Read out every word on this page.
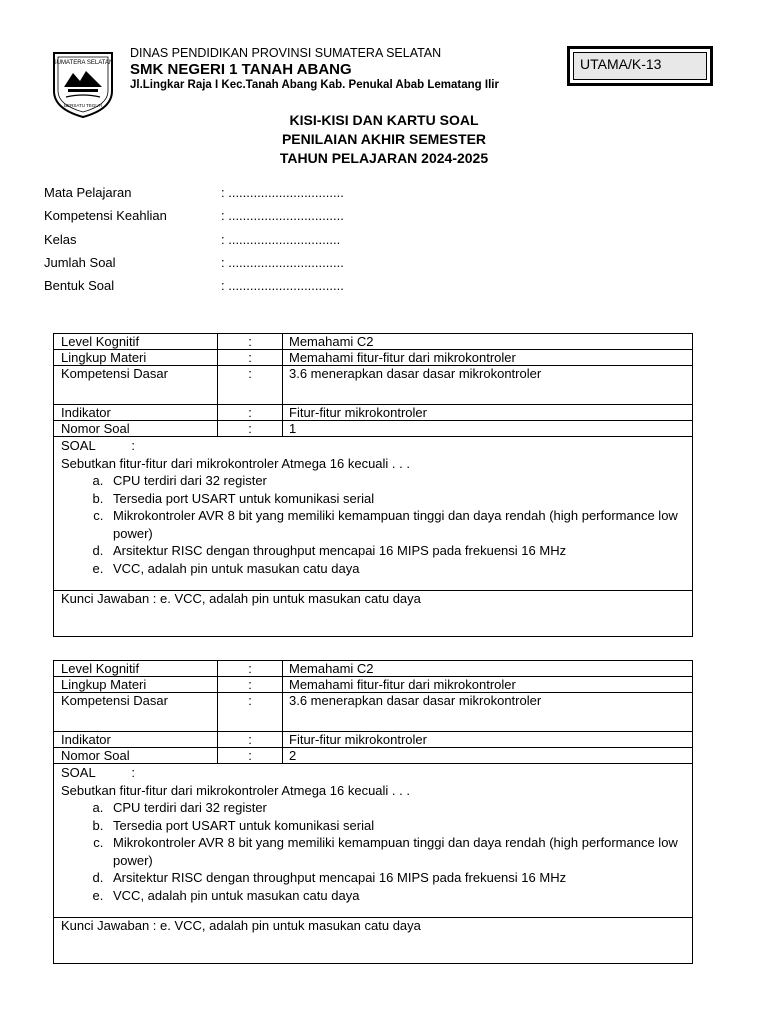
SUMATERA SELATAN
BERSATU TEGUH
DINAS PENDIDIKAN PROVINSI SUMATERA SELATAN
SMK NEGERI 1 TANAH ABANG
Jl.Lingkar Raja I Kec.Tanah Abang Kab. Penukal Abab Lematang Ilir
UTAMA/K-13
KISI-KISI DAN KARTU SOAL
PENILAIAN AKHIR SEMESTER
TAHUN PELAJARAN 2024-2025
Mata Pelajaran	: ................................
Kompetensi Keahlian	: ................................
Kelas	: ...............................
Jumlah Soal	: ................................
Bentuk Soal	: ................................
Level Kognitif	:	Memahami C2
Lingkup Materi	:	Memahami fitur-fitur dari mikrokontroler
Kompetensi Dasar	:	3.6 menerapkan dasar dasar mikrokontroler
Indikator	:	Fitur-fitur mikrokontroler
Nomor Soal	:	1
SOAL          :
Sebutkan fitur-fitur dari mikrokontroler Atmega 16 kecuali . . .
a. CPU terdiri dari 32 register
b. Tersedia port USART untuk komunikasi serial
c. Mikrokontroler AVR 8 bit yang memiliki kemampuan tinggi dan daya rendah (high performance low power)
d. Arsitektur RISC dengan throughput mencapai 16 MIPS pada frekuensi 16 MHz
e. VCC, adalah pin untuk masukan catu daya
Kunci Jawaban : e. VCC, adalah pin untuk masukan catu daya
Level Kognitif	:	Memahami C2
Lingkup Materi	:	Memahami fitur-fitur dari mikrokontroler
Kompetensi Dasar	:	3.6 menerapkan dasar dasar mikrokontroler
Indikator	:	Fitur-fitur mikrokontroler
Nomor Soal	:	2
SOAL          :
Sebutkan fitur-fitur dari mikrokontroler Atmega 16 kecuali . . .
a. CPU terdiri dari 32 register
b. Tersedia port USART untuk komunikasi serial
c. Mikrokontroler AVR 8 bit yang memiliki kemampuan tinggi dan daya rendah (high performance low power)
d. Arsitektur RISC dengan throughput mencapai 16 MIPS pada frekuensi 16 MHz
e. VCC, adalah pin untuk masukan catu daya
Kunci Jawaban : e. VCC, adalah pin untuk masukan catu daya
